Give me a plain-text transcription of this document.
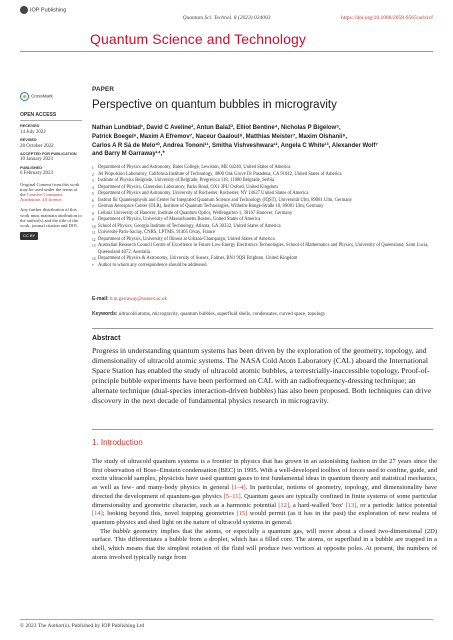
IOP Publishing
Quantum Sci. Technol. 8 (2023) 024003	https://doi.org/10.1088/2058-9565/acb1cf
Quantum Science and Technology
CrossMark
OPEN ACCESS
RECEIVED
14 July 2022
REVISED
28 October 2022
ACCEPTED FOR PUBLICATION
10 January 2023
PUBLISHED
6 February 2023
Original Content from this work may be used under the terms of the Creative Commons Attribution 4.0 licence.
Any further distribution of this work must maintain attribution to the author(s) and the title of the work, journal citation and DOI.
CC BY
PAPER
Perspective on quantum bubbles in microgravity
Nathan Lundblad¹, David C Aveline², Antun Balaž³, Elliot Bentine⁴, Nicholas P Bigelow⁵,
Patrick Boegel⁶, Maxim A Efremov⁷, Naceur Gaaloul⁸, Matthias Meister⁷, Maxim Olshanii⁹,
Carlos A R Sá de Melo¹⁰, Andrea Tononi¹¹, Smitha Vishveshwara¹², Angela C White¹³, Alexander Wolf⁷
and Barry M Garraway¹⁴,*
1 Department of Physics and Astronomy, Bates College, Lewiston, ME 04240, United States of America
2 Jet Propulsion Laboratory, California Institute of Technology, 4800 Oak Grove Dr Pasadena, CA 91042, United States of America
3 Institute of Physics Belgrade, University of Belgrade, Pregrevica 118, 11080 Belgrade, Serbia
4 Department of Physics, Clarendon Laboratory, Parks Road, OX1 3PU Oxford, United Kingdom
5 Department of Physics and Astronomy, University of Rochester, Rochester, NY 14627 United States of America
6 Institut für Quantenphysik and Center for Integrated Quantum Science and Technology (IQST), Universität Ulm, 89081 Ulm, Germany
7 German Aerospace Center (DLR), Institute of Quantum Technologies, Wilhelm-Runge-Straße 10, 89081 Ulm, Germany
8 Leibniz University of Hanover, Institute of Quantum Optics, Welfengarten 1, 30167 Hanover, Germany
9 Department of Physics, University of Massachusetts Boston, United States of America
10 School of Physics, Georgia Institute of Technology, Atlanta, GA 30332, United States of America
11 Université Paris-Saclay, CNRS, LPTMS, 91405 Orsay, France
12 Department of Physics, University of Illinois at Urbana-Champaign, United States of America
13 Australian Research Council Centre of Excellence in Future Low-Energy Electronics Technologies, School of Mathematics and Physics, University of Queensland, Saint Lucia, Queensland 4072, Australia
14 Department of Physics & Astronomy, University of Sussex, Falmer, BN1 9QH Brighton, United Kingdom
* Author to whom any correspondence should be addressed.
E-mail: b.m.garraway@sussex.ac.uk
Keywords: ultracold atoms, microgravity, quantum bubbles, superfluid shells, condensates, curved space, topology
Abstract
Progress in understanding quantum systems has been driven by the exploration of the geometry, topology, and dimensionality of ultracold atomic systems. The NASA Cold Atom Laboratory (CAL) aboard the International Space Station has enabled the study of ultracold atomic bubbles, a terrestrially-inaccessible topology. Proof-of-principle bubble experiments have been performed on CAL with an radiofrequency-dressing technique; an alternate technique (dual-species interaction-driven bubbles) has also been proposed. Both techniques can drive discovery in the next decade of fundamental physics research in microgravity.
1. Introduction

The study of ultracold quantum systems is a frontier in physics that has grown in an astonishing fashion in the 27 years since the first observation of Bose–Einstein condensation (BEC) in 1995. With a well-developed toolbox of forces used to confine, guide, and excite ultracold samples, physicists have used quantum gases to test fundamental ideas in quantum theory and statistical mechanics, as well as few- and many-body physics in general [1–4]. In particular, notions of geometry, topology, and dimensionality have directed the development of quantum-gas physics [5–11]. Quantum gases are typically confined in finite systems of some particular dimensionality and geometric character, such as a harmonic potential [12], a hard-walled 'box' [13], or a periodic lattice potential [14]; looking beyond this, novel trapping geometries [15] would permit (as it has in the past) the exploration of new realms of quantum physics and shed light on the nature of ultracold systems in general.

The bubble geometry implies that the atoms, or especially a quantum gas, will move about a closed two-dimensional (2D) surface. This differentiates a bubble from a droplet, which has a filled core. The atoms, or superfluid in a bubble are trapped in a shell, which means that the simplest rotation of the fluid will produce two vortices at opposite poles. At present, the numbers of atoms involved typically range from

© 2023 The Author(s). Published by IOP Publishing Ltd
